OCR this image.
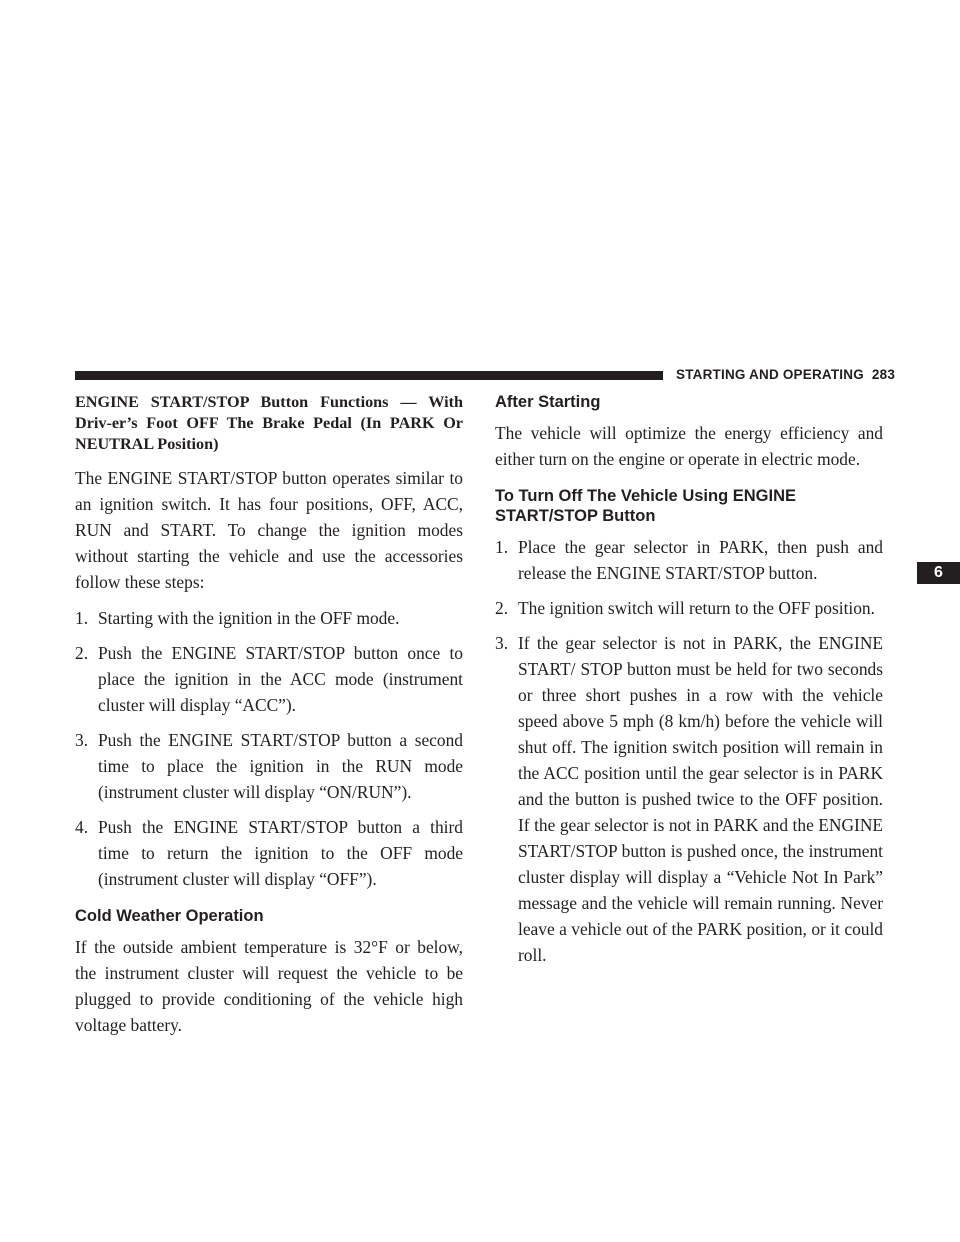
STARTING AND OPERATING 283
6
ENGINE START/STOP Button Functions — With Driv-er’s Foot OFF The Brake Pedal (In PARK Or NEUTRAL Position)

The ENGINE START/STOP button operates similar to an ignition switch. It has four positions, OFF, ACC, RUN and START. To change the ignition modes without starting the vehicle and use the accessories follow these steps:

1. Starting with the ignition in the OFF mode.
2. Push the ENGINE START/STOP button once to place the ignition in the ACC mode (instrument cluster will display “ACC”).
3. Push the ENGINE START/STOP button a second time to place the ignition in the RUN mode (instrument cluster will display “ON/RUN”).
4. Push the ENGINE START/STOP button a third time to return the ignition to the OFF mode (instrument cluster will display “OFF”).
Cold Weather Operation

If the outside ambient temperature is 32°F or below, the instrument cluster will request the vehicle to be plugged to provide conditioning of the vehicle high voltage battery.

After Starting

The vehicle will optimize the energy efficiency and either turn on the engine or operate in electric mode.

To Turn Off The Vehicle Using ENGINE START/STOP Button
1. Place the gear selector in PARK, then push and release the ENGINE START/STOP button.
2. The ignition switch will return to the OFF position.
3. If the gear selector is not in PARK, the ENGINE START/ STOP button must be held for two seconds or three short pushes in a row with the vehicle speed above 5 mph (8 km/h) before the vehicle will shut off. The ignition switch position will remain in the ACC position until the gear selector is in PARK and the button is pushed twice to the OFF position. If the gear selector is not in PARK and the ENGINE START/STOP button is pushed once, the instrument cluster display will display a “Vehicle Not In Park” message and the vehicle will remain running. Never leave a vehicle out of the PARK position, or it could roll.
